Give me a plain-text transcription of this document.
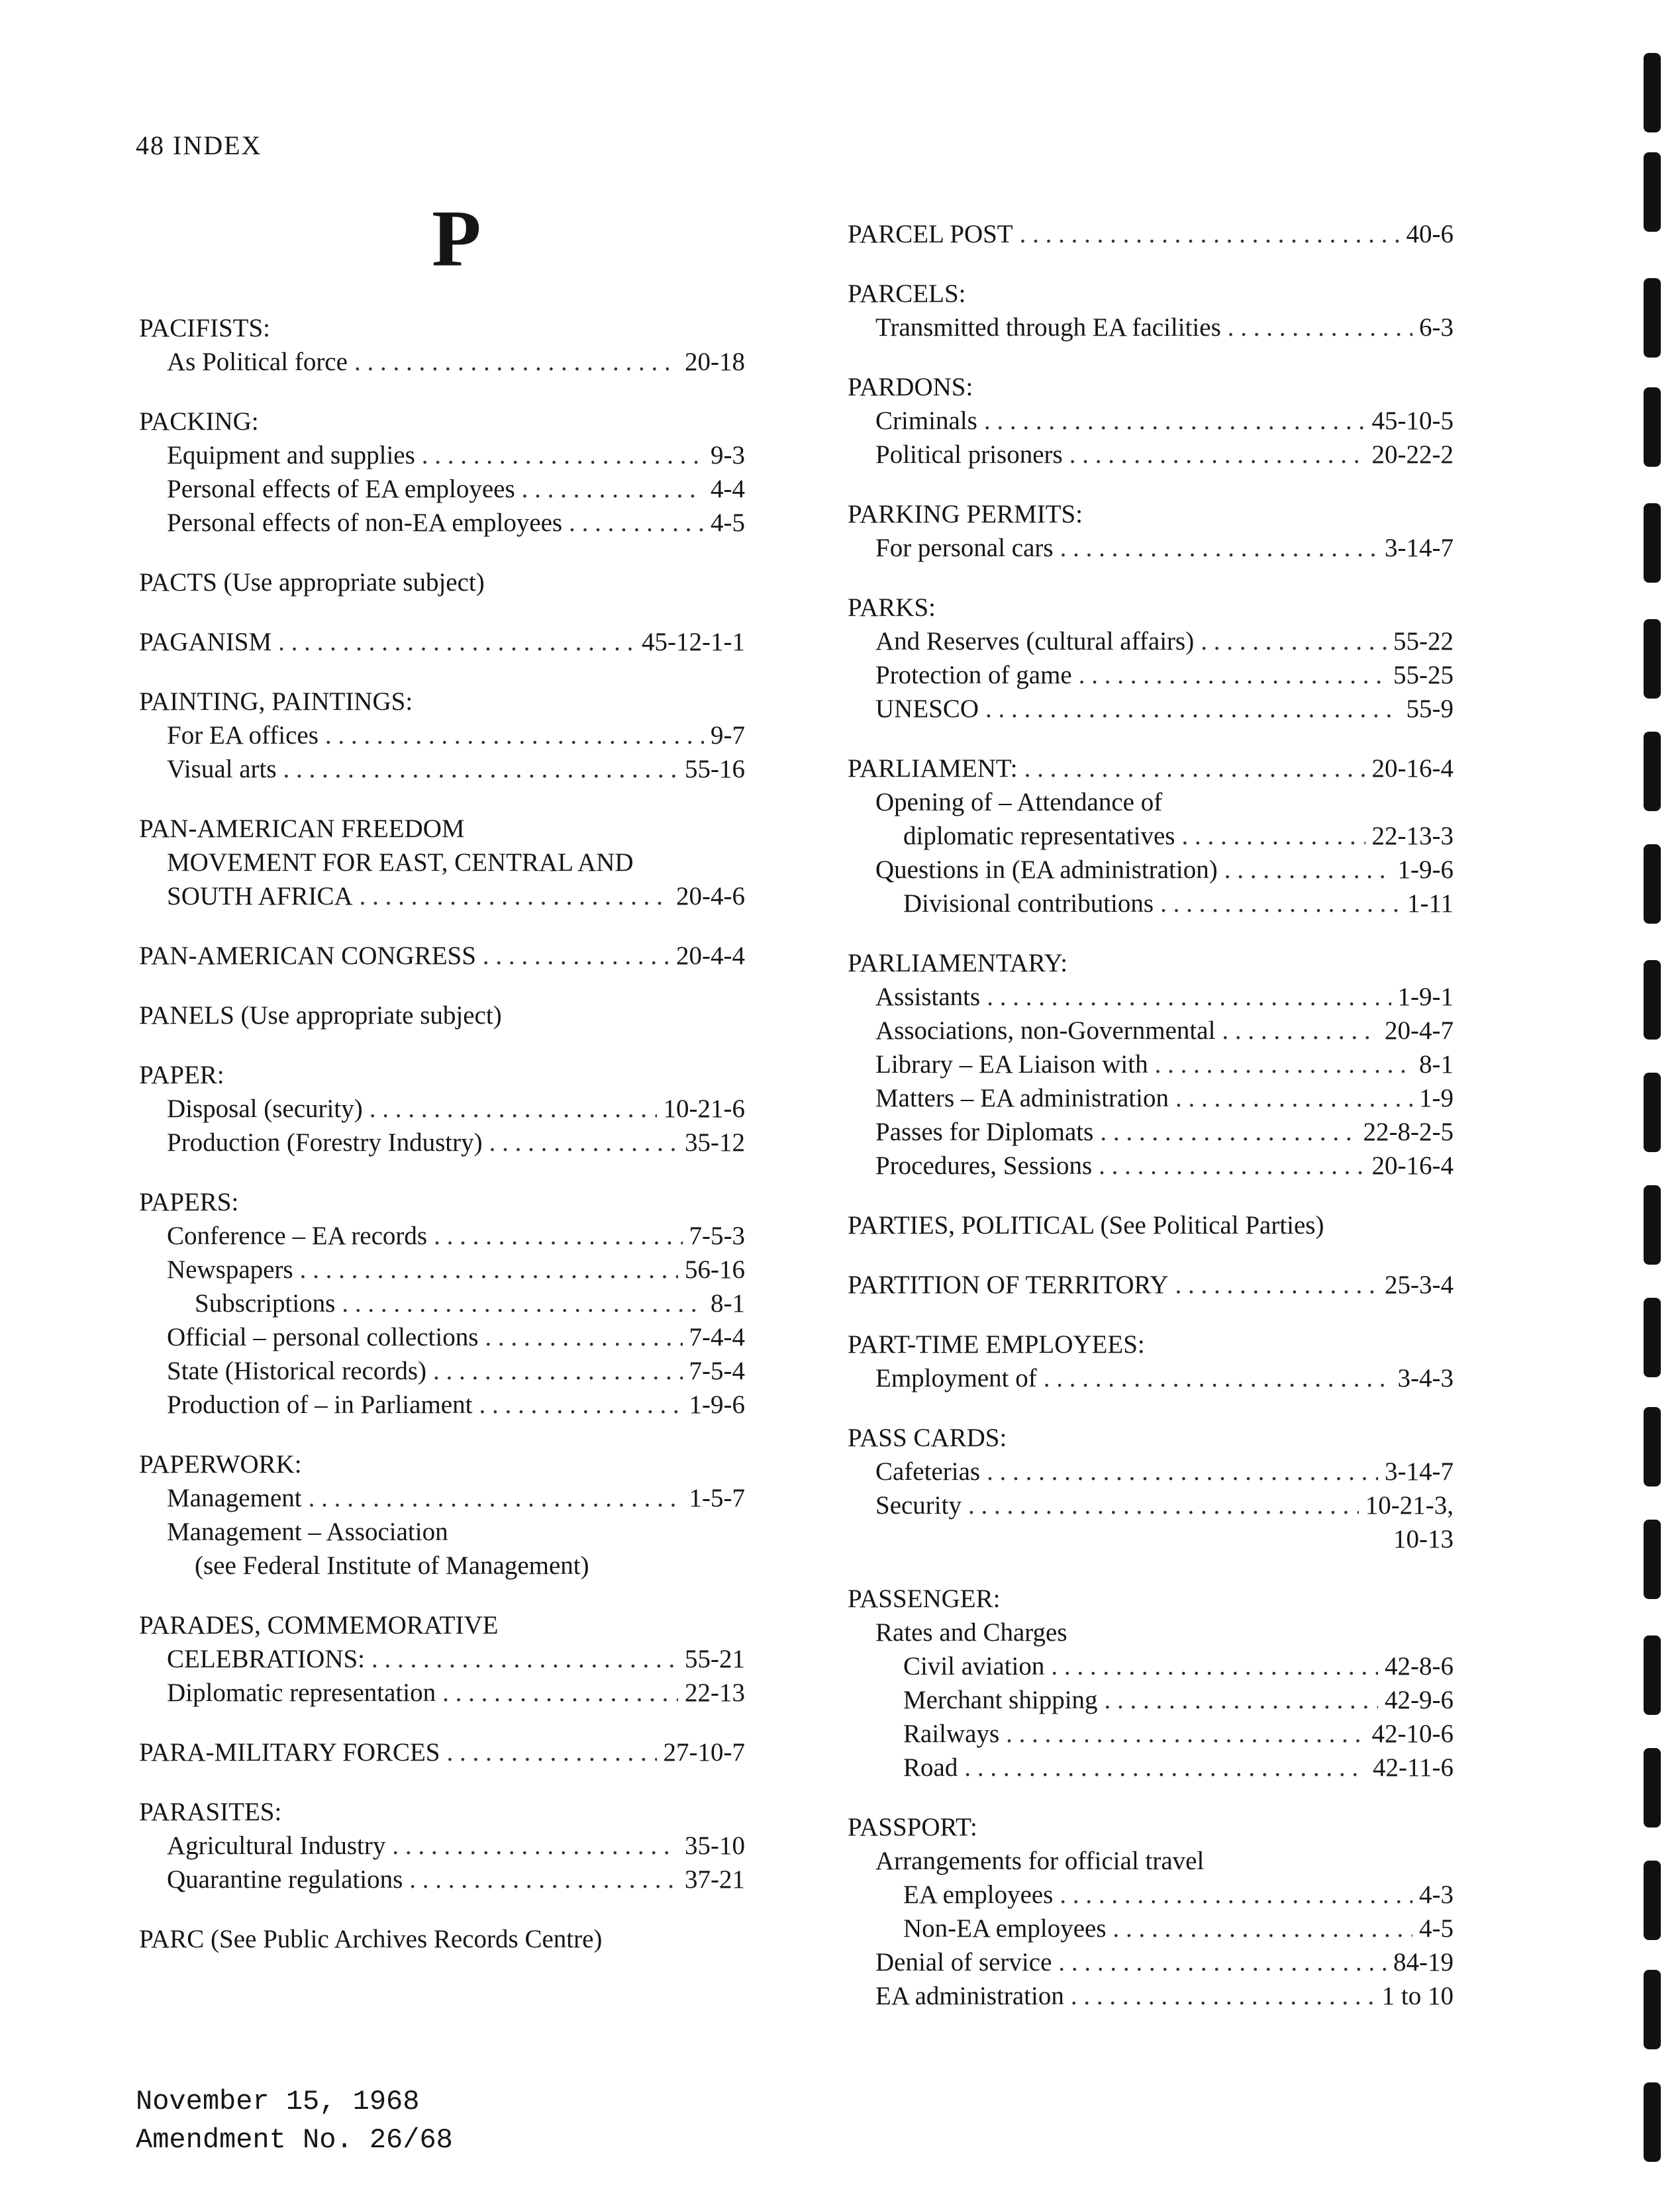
48 INDEX
P
PACIFISTS:
As Political force . . .	20-18
PACKING:
Equipment and supplies . . .	9-3
Personal effects of EA employees . . .	4-4
Personal effects of non-EA employees . . .	4-5
PACTS (Use appropriate subject)
PAGANISM . . .	45-12-1-1
PAINTING, PAINTINGS:
For EA offices . . .	9-7
Visual arts . . .	55-16
PAN-AMERICAN FREEDOM
MOVEMENT FOR EAST, CENTRAL AND
SOUTH AFRICA . . .	20-4-6
PAN-AMERICAN CONGRESS . . .	20-4-4
PANELS (Use appropriate subject)
PAPER:
Disposal (security) . . .	10-21-6
Production (Forestry Industry) . . .	35-12
PAPERS:
Conference – EA records . . .	7-5-3
Newspapers . . .	56-16
Subscriptions . . .	8-1
Official – personal collections . . .	7-4-4
State (Historical records) . . .	7-5-4
Production of – in Parliament . . .	1-9-6
PAPERWORK:
Management . . .	1-5-7
Management – Association
(see Federal Institute of Management)
PARADES, COMMEMORATIVE
CELEBRATIONS: . . .	55-21
Diplomatic representation . . .	22-13
PARA-MILITARY FORCES . . .	27-10-7
PARASITES:
Agricultural Industry . . .	35-10
Quarantine regulations . . .	37-21
PARC (See Public Archives Records Centre)
PARCEL POST . . .	40-6
PARCELS:
Transmitted through EA facilities . . .	6-3
PARDONS:
Criminals . . .	45-10-5
Political prisoners . . .	20-22-2
PARKING PERMITS:
For personal cars . . .	3-14-7
PARKS:
And Reserves (cultural affairs) . . .	55-22
Protection of game . . .	55-25
UNESCO . . .	55-9
PARLIAMENT: . . .	20-16-4
Opening of – Attendance of
diplomatic representatives . . .	22-13-3
Questions in (EA administration) . . .	1-9-6
Divisional contributions . . .	1-11
PARLIAMENTARY:
Assistants . . .	1-9-1
Associations, non-Governmental . . .	20-4-7
Library – EA Liaison with . . .	8-1
Matters – EA administration . . .	1-9
Passes for Diplomats . . .	22-8-2-5
Procedures, Sessions . . .	20-16-4
PARTIES, POLITICAL (See Political Parties)
PARTITION OF TERRITORY . . .	25-3-4
PART-TIME EMPLOYEES:
Employment of . . .	3-4-3
PASS CARDS:
Cafeterias . . .	3-14-7
Security . . .	10-21-3,
10-13
PASSENGER:
Rates and Charges
Civil aviation . . .	42-8-6
Merchant shipping . . .	42-9-6
Railways . . .	42-10-6
Road . . .	42-11-6
PASSPORT:
Arrangements for official travel
EA employees . . .	4-3
Non-EA employees . . .	4-5
Denial of service . . .	84-19
EA administration . . .	1 to 10
November 15, 1968
Amendment No. 26/68
